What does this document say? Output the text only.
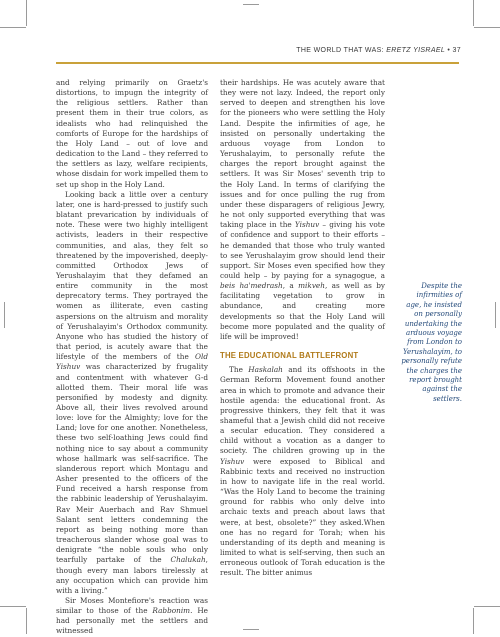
THE WORLD THAT WAS: ERETZ YISRAEL • 37

and relying primarily on Graetz's distortions, to impugn the integrity of the religious settlers. Rather than present them in their true colors, as idealists who had relinquished the comforts of Europe for the hardships of the Holy Land – out of love and dedication to the Land – they referred to the settlers as lazy, welfare recipients, whose disdain for work impelled them to set up shop in the Holy Land.

Looking back a little over a century later, one is hard-pressed to justify such blatant prevarication by individuals of note. These were two highly intelligent activists, leaders in their respective communities, and alas, they felt so threatened by the impoverished, deeply-committed Orthodox Jews of Yerushalayim that they defamed an entire community in the most deprecatory terms. They portrayed the women as illiterate, even casting aspersions on the altruism and morality of Yerushalayim's Orthodox community. Anyone who has studied the history of that period, is acutely aware that the lifestyle of the members of the Old Yishuv was characterized by frugality and contentment with whatever G-d allotted them. Their moral life was personified by modesty and dignity. Above all, their lives revolved around love: love for the Almighty; love for the Land; love for one another. Nonetheless, these two self-loathing Jews could find nothing nice to say about a community whose hallmark was self-sacrifice. The slanderous report which Montagu and Asher presented to the officers of the Fund received a harsh response from the rabbinic leadership of Yerushalayim. Rav Meir Auerbach and Rav Shmuel Salant sent letters condemning the report as being nothing more than treacherous slander whose goal was to denigrate “the noble souls who only tearfully partake of the Chalukah, though every man labors tirelessly at any occupation which can provide him with a living.”

Sir Moses Montefiore's reaction was similar to those of the Rabbonim. He had personally met the settlers and witnessed

their hardships. He was acutely aware that they were not lazy. Indeed, the report only served to deepen and strengthen his love for the pioneers who were settling the Holy Land. Despite the infirmities of age, he insisted on personally undertaking the arduous voyage from London to Yerushalayim, to personally refute the charges the report brought against the settlers. It was Sir Moses' seventh trip to the Holy Land. In terms of clarifying the issues and for once pulling the rug from under these disparagers of religious Jewry, he not only supported everything that was taking place in the Yishuv – giving his vote of confidence and support to their efforts – he demanded that those who truly wanted to see Yerushalayim grow should lend their support. Sir Moses even specified how they could help – by paying for a synagogue, a beis ha'medrash, a mikveh, as well as by facilitating vegetation to grow in abundance, and creating more developments so that the Holy Land will become more populated and the quality of life will be improved!

THE EDUCATIONAL BATTLEFRONT

The Haskalah and its offshoots in the German Reform Movement found another area in which to promote and advance their hostile agenda: the educational front. As progressive thinkers, they felt that it was shameful that a Jewish child did not receive a secular education. They considered a child without a vocation as a danger to society. The children growing up in the Yishuv were exposed to Biblical and Rabbinic texts and received no instruction in how to navigate life in the real world. “Was the Holy Land to become the training ground for rabbis who only delve into archaic texts and preach about laws that were, at best, obsolete?” they asked.When one has no regard for Torah; when his understanding of its depth and meaning is limited to what is self-serving, then such an erroneous outlook of Torah education is the result. The bitter animus

Despite the infirmities of age, he insisted on personally undertaking the arduous voyage from London to Yerushalayim, to personally refute the charges the report brought against the settlers.
